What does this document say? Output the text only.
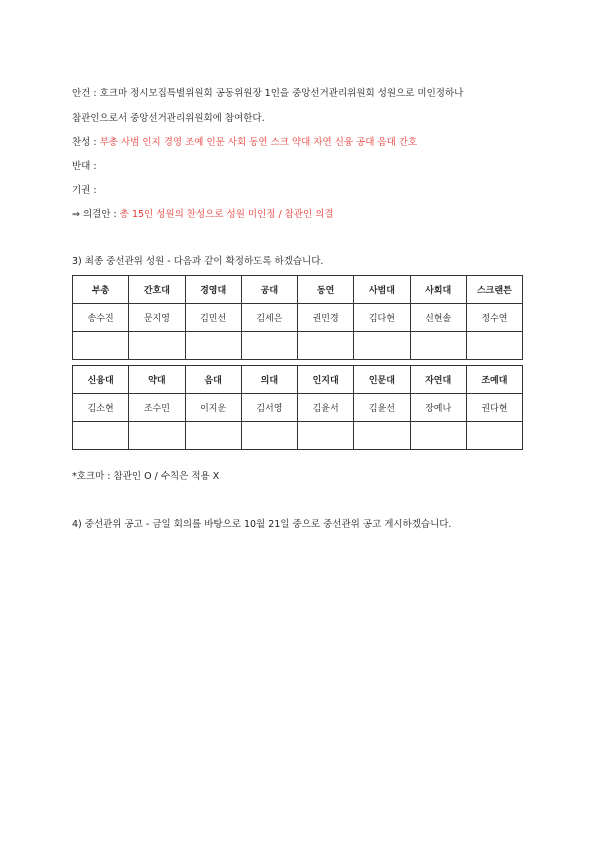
안건 : 호크마 정시모집특별위원회 공동위원장 1인을 중앙선거관리위원회 성원으로 미인정하나
참관인으로서 중앙선거관리위원회에 참여한다.
찬성 : 부총 사범 인지 경영 조예 인문 사회 동연 스크 약대 자연 신융 공대 음대 간호
반대 :
기권 :
⇒ 의결안 : 총 15인 성원의 찬성으로 성원 미인정 / 참관인 의결
3) 최종 중선관위 성원 - 다음과 같이 확정하도록 하겠습니다.
부총	간호대	경영대	공대	동연	사범대	사회대	스크랜튼
송수진	문지영	김민선	김세은	권민경	김다현	신현솔	정수연

신융대	약대	음대	의대	인지대	인문대	자연대	조예대
김소현	조수민	이지운	김서영	김윤서	김윤선	장예나	권다현

*호크마 : 참관인 O / 수칙은 적용 X
4) 중선관위 공고 - 금일 회의를 바탕으로 10월 21일 중으로 중선관위 공고 게시하겠습니다.
